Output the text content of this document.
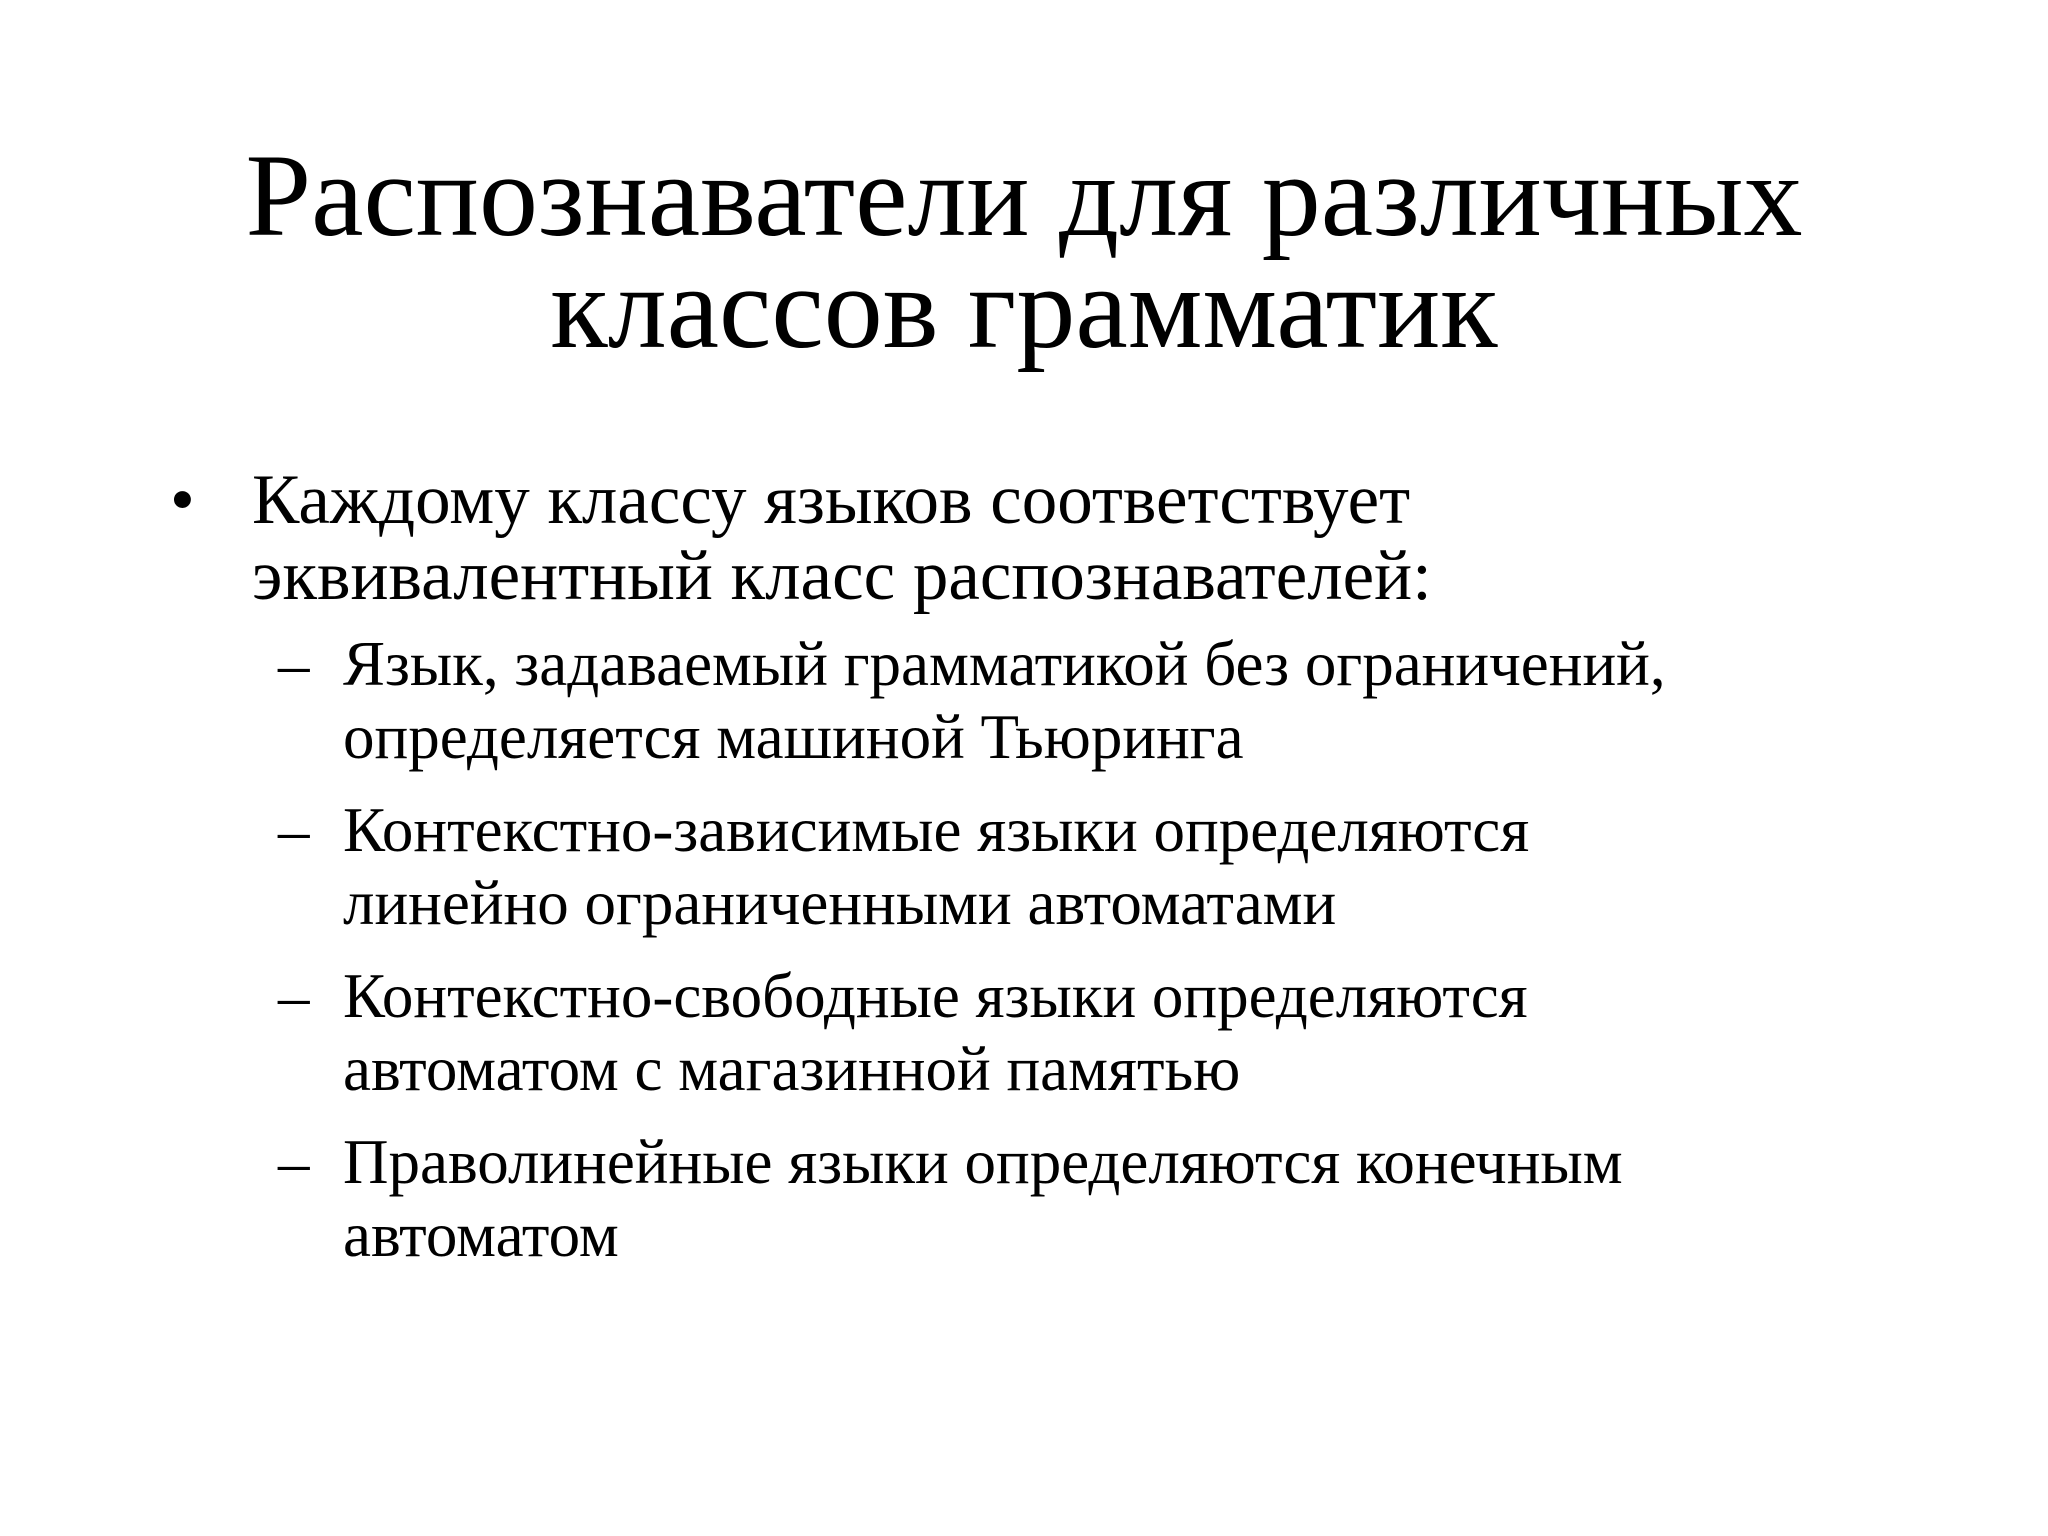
Распознаватели для различных
классов грамматик
• Каждому классу языков соответствует
эквивалентный класс распознавателей:
– Язык, задаваемый грамматикой без ограничений,
определяется машиной Тьюринга
– Контекстно-зависимые языки определяются
линейно ограниченными автоматами
– Контекстно-свободные языки определяются
автоматом с магазинной памятью
– Праволинейные языки определяются конечным
автоматом
